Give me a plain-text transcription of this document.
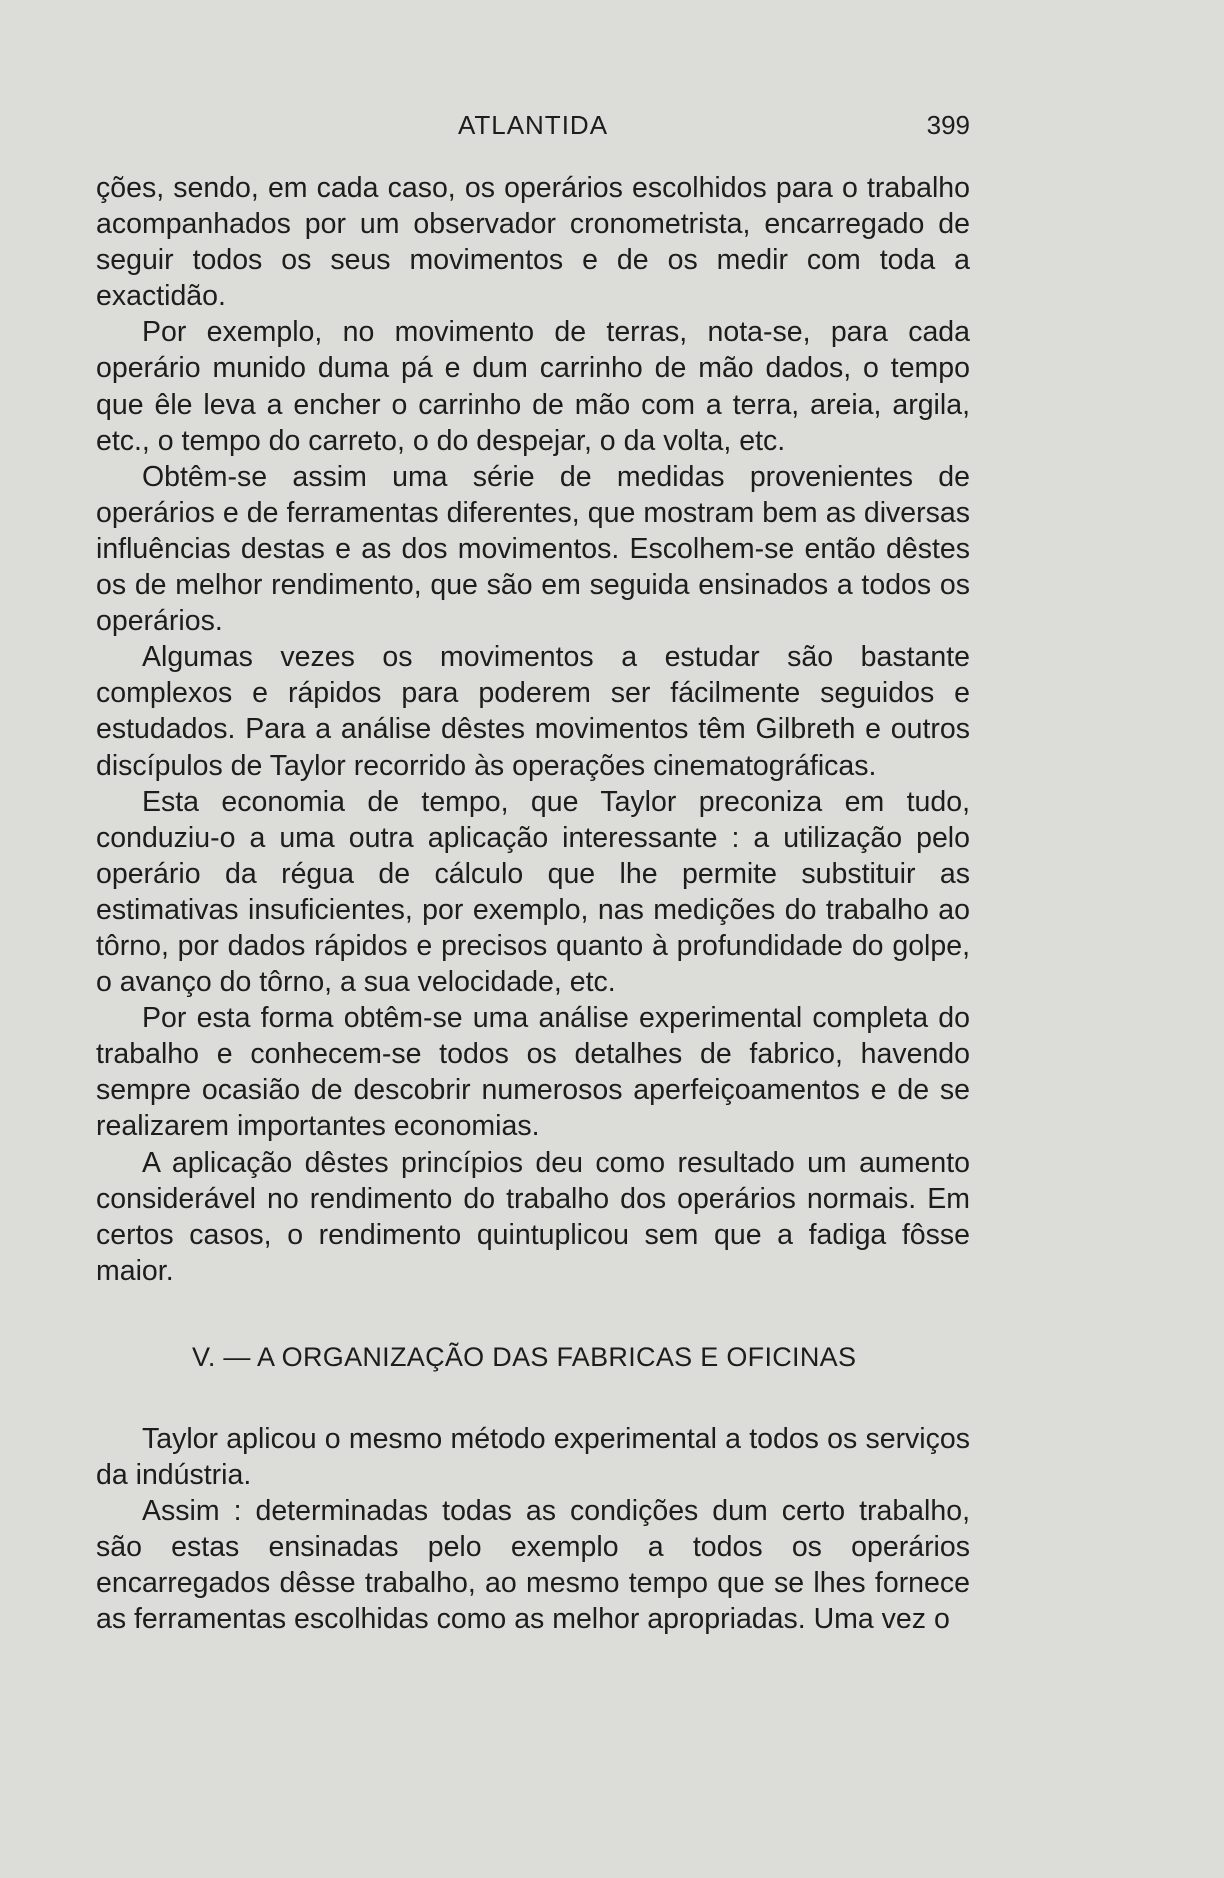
ATLANTIDA	399

ções, sendo, em cada caso, os operários escolhidos para o trabalho acompanhados por um observador cronometrista, encarregado de seguir todos os seus movimentos e de os medir com toda a exactidão.

Por exemplo, no movimento de terras, nota-se, para cada operário munido duma pá e dum carrinho de mão dados, o tempo que êle leva a encher o carrinho de mão com a terra, areia, argila, etc., o tempo do carreto, o do despejar, o da volta, etc.

Obtêm-se assim uma série de medidas provenientes de operários e de ferramentas diferentes, que mostram bem as diversas influências destas e as dos movimentos. Escolhem-se então dêstes os de melhor rendimento, que são em seguida ensinados a todos os operários.

Algumas vezes os movimentos a estudar são bastante complexos e rápidos para poderem ser fácilmente seguidos e estudados. Para a análise dêstes movimentos têm Gilbreth e outros discípulos de Taylor recorrido às operações cinematográficas.

Esta economia de tempo, que Taylor preconiza em tudo, conduziu-o a uma outra aplicação interessante : a utilização pelo operário da régua de cálculo que lhe permite substituir as estimativas insuficientes, por exemplo, nas medições do trabalho ao tôrno, por dados rápidos e precisos quanto à profundidade do golpe, o avanço do tôrno, a sua velocidade, etc.

Por esta forma obtêm-se uma análise experimental completa do trabalho e conhecem-se todos os detalhes de fabrico, havendo sempre ocasião de descobrir numerosos aperfeiçoamentos e de se realizarem importantes economias.

A aplicação dêstes princípios deu como resultado um aumento considerável no rendimento do trabalho dos operários normais. Em certos casos, o rendimento quintuplicou sem que a fadiga fôsse maior.

V. — A ORGANIZAÇÃO DAS FABRICAS E OFICINAS

Taylor aplicou o mesmo método experimental a todos os serviços da indústria.

Assim : determinadas todas as condições dum certo trabalho, são estas ensinadas pelo exemplo a todos os operários encarregados dêsse trabalho, ao mesmo tempo que se lhes fornece as ferramentas escolhidas como as melhor apropriadas. Uma vez o
